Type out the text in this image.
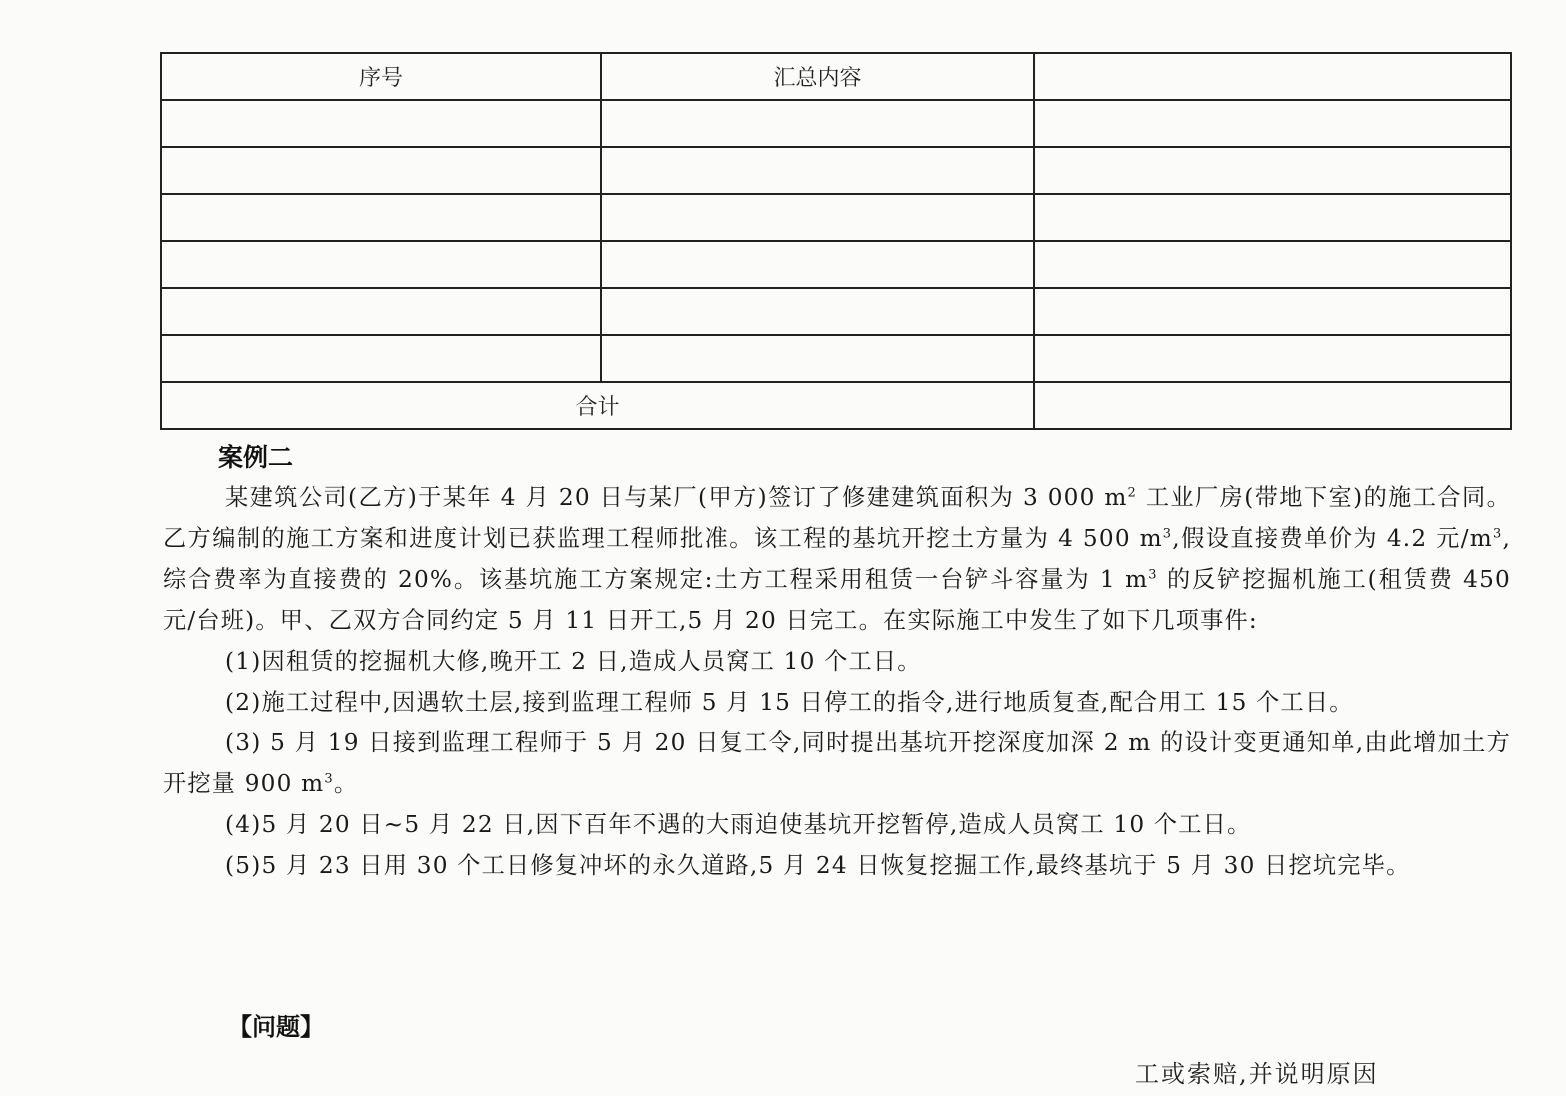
序号	汇总内容	

合计		
案例二

某建筑公司(乙方)于某年 4 月 20 日与某厂(甲方)签订了修建建筑面积为 3 000 $m^2$ 工业厂房(带地下室)的施工合同。乙方编制的施工方案和进度计划已获监理工程师批准。该工程的基坑开挖土方量为 4 500 $m^3$,假设直接费单价为 4.2 元$/m^3$,综合费率为直接费的 20%。该基坑施工方案规定:土方工程采用租赁一台铲斗容量为 1 $m^3$ 的反铲挖掘机施工(租赁费 450 元/台班)。甲、乙双方合同约定 5 月 11 日开工,5 月 20 日完工。在实际施工中发生了如下几项事件:

(1)因租赁的挖掘机大修,晚开工 2 日,造成人员窝工 10 个工日。

(2)施工过程中,因遇软土层,接到监理工程师 5 月 15 日停工的指令,进行地质复查,配合用工 15 个工日。

(3) 5 月 19 日接到监理工程师于 5 月 20 日复工令,同时提出基坑开挖深度加深 2 m 的设计变更通知单,由此增加土方开挖量 900 $m^3$。

(4)5 月 20 日~5 月 22 日,因下百年不遇的大雨迫使基坑开挖暂停,造成人员窝工 10 个工日。

(5)5 月 23 日用 30 个工日修复冲坏的永久道路,5 月 24 日恢复挖掘工作,最终基坑于 5 月 30 日挖坑完毕。

【问题】
工或索赔,并说明原因
